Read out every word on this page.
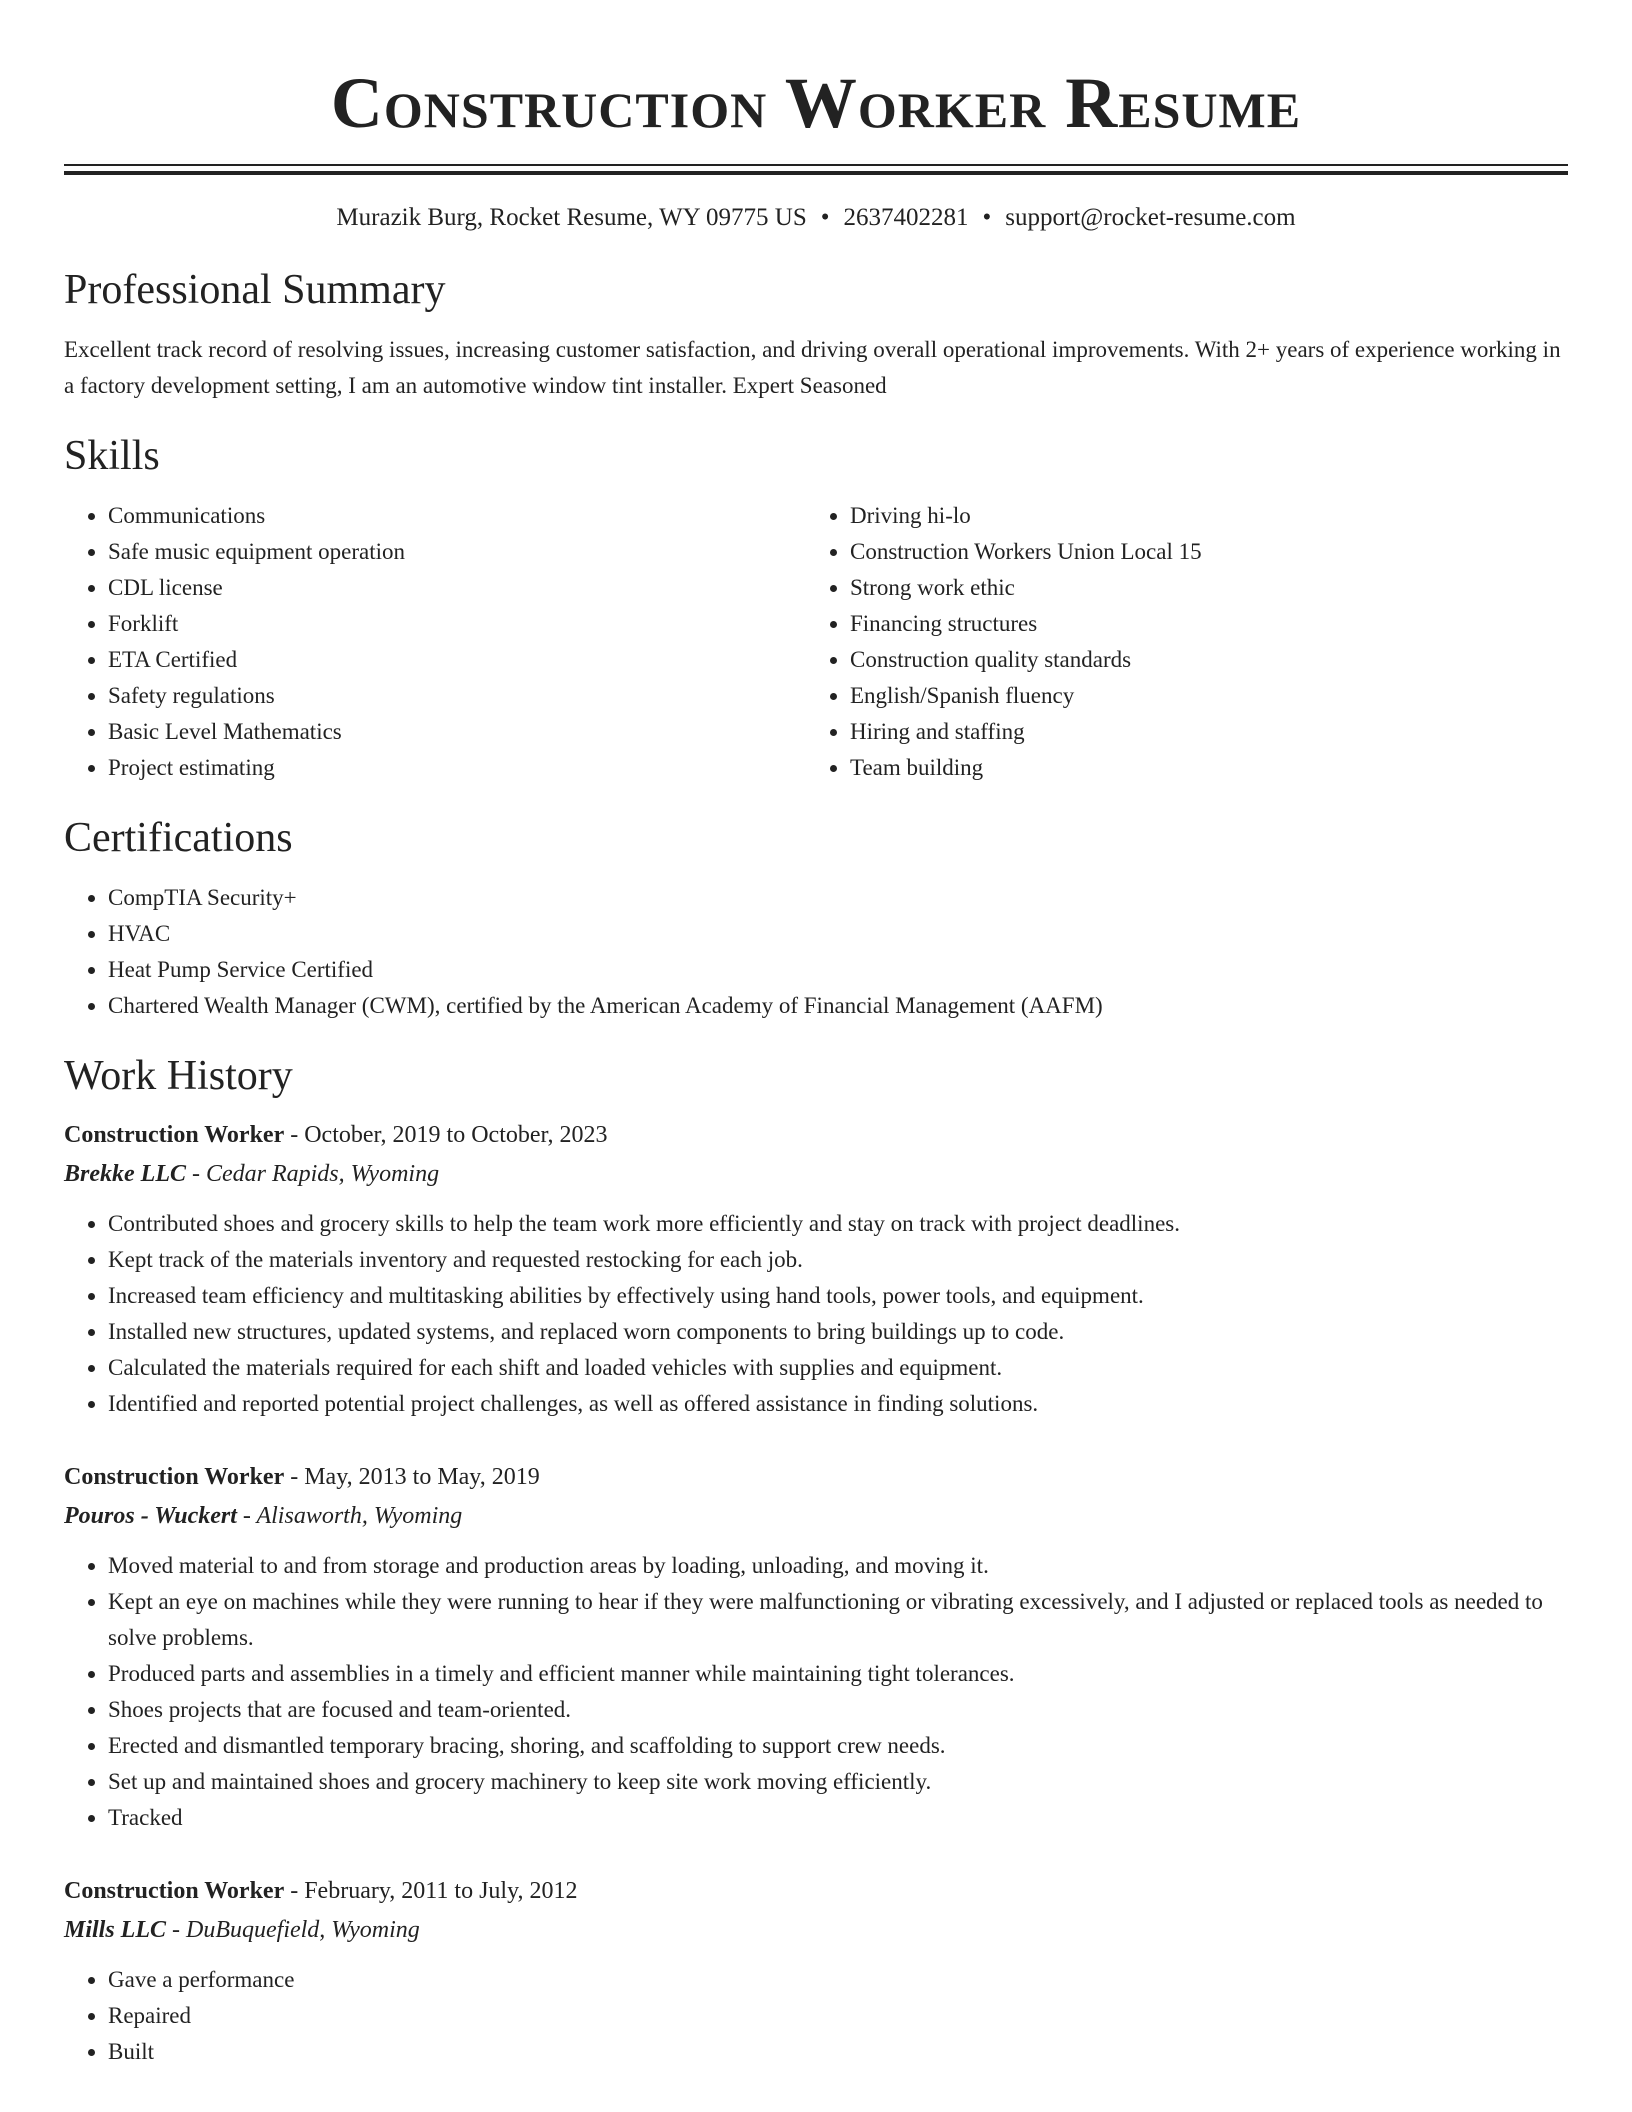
Construction Worker Resume
Murazik Burg, Rocket Resume, WY 09775 US • 2637402281 • support@rocket-resume.com
Professional Summary
Excellent track record of resolving issues, increasing customer satisfaction, and driving overall operational improvements. With 2+ years of experience working in a factory development setting, I am an automotive window tint installer. Expert Seasoned
Skills
• Communications
• Safe music equipment operation
• CDL license
• Forklift
• ETA Certified
• Safety regulations
• Basic Level Mathematics
• Project estimating
• Driving hi-lo
• Construction Workers Union Local 15
• Strong work ethic
• Financing structures
• Construction quality standards
• English/Spanish fluency
• Hiring and staffing
• Team building
Certifications
• CompTIA Security+
• HVAC
• Heat Pump Service Certified
• Chartered Wealth Manager (CWM), certified by the American Academy of Financial Management (AAFM)
Work History
Construction Worker - October, 2019 to October, 2023
Brekke LLC - Cedar Rapids, Wyoming
• Contributed shoes and grocery skills to help the team work more efficiently and stay on track with project deadlines.
• Kept track of the materials inventory and requested restocking for each job.
• Increased team efficiency and multitasking abilities by effectively using hand tools, power tools, and equipment.
• Installed new structures, updated systems, and replaced worn components to bring buildings up to code.
• Calculated the materials required for each shift and loaded vehicles with supplies and equipment.
• Identified and reported potential project challenges, as well as offered assistance in finding solutions.
Construction Worker - May, 2013 to May, 2019
Pouros - Wuckert - Alisaworth, Wyoming
• Moved material to and from storage and production areas by loading, unloading, and moving it.
• Kept an eye on machines while they were running to hear if they were malfunctioning or vibrating excessively, and I adjusted or replaced tools as needed to solve problems.
• Produced parts and assemblies in a timely and efficient manner while maintaining tight tolerances.
• Shoes projects that are focused and team-oriented.
• Erected and dismantled temporary bracing, shoring, and scaffolding to support crew needs.
• Set up and maintained shoes and grocery machinery to keep site work moving efficiently.
• Tracked
Construction Worker - February, 2011 to July, 2012
Mills LLC - DuBuquefield, Wyoming
• Gave a performance
• Repaired
• Built
